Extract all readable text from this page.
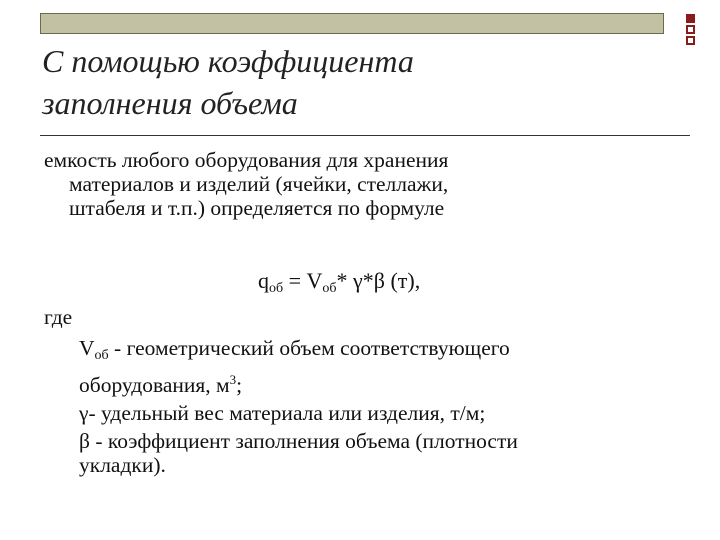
С помощью коэффициента
заполнения объема
емкость любого оборудования для хранения
материалов и изделий (ячейки, стеллажи,
штабеля и т.п.) определяется по формуле
$q_{об} = V_{об}*$ γ*β (т),
где
$V_{об}$ - геометрический объем соответствующего
оборудования, $м^3$;
γ- удельный вес материала или изделия, т/м;
β - коэффициент заполнения объема (плотности
укладки).
